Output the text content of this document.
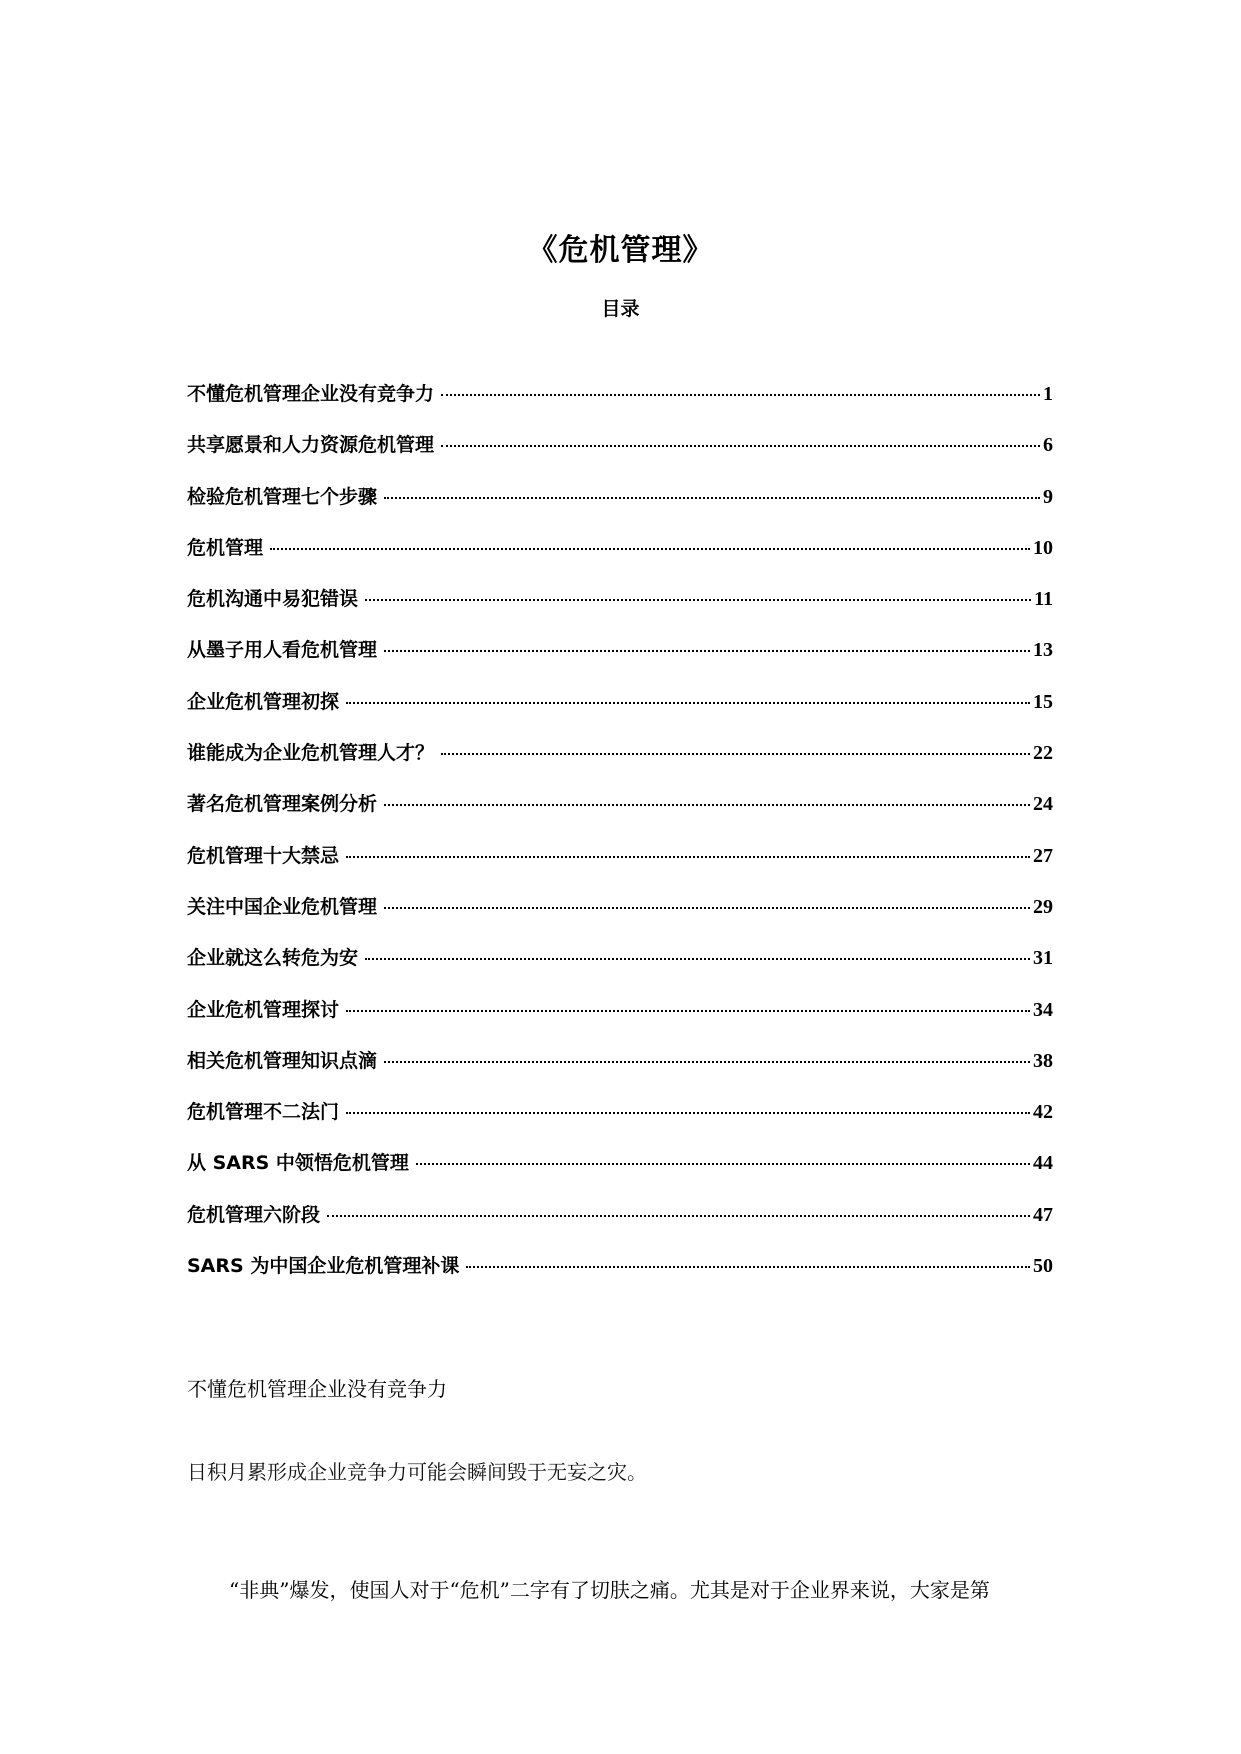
《危机管理》
目录
不懂危机管理企业没有竞争力	1
共享愿景和人力资源危机管理	6
检验危机管理七个步骤	9
危机管理	10
危机沟通中易犯错误	11
从墨子用人看危机管理	13
企业危机管理初探	15
谁能成为企业危机管理人才？	22
著名危机管理案例分析	24
危机管理十大禁忌	27
关注中国企业危机管理	29
企业就这么转危为安	31
企业危机管理探讨	34
相关危机管理知识点滴	38
危机管理不二法门	42
从 SARS 中领悟危机管理	44
危机管理六阶段	47
SARS 为中国企业危机管理补课	50
不懂危机管理企业没有竞争力
日积月累形成企业竞争力可能会瞬间毁于无妄之灾。
“非典”爆发，使国人对于“危机”二字有了切肤之痛。尤其是对于企业界来说，大家是第
